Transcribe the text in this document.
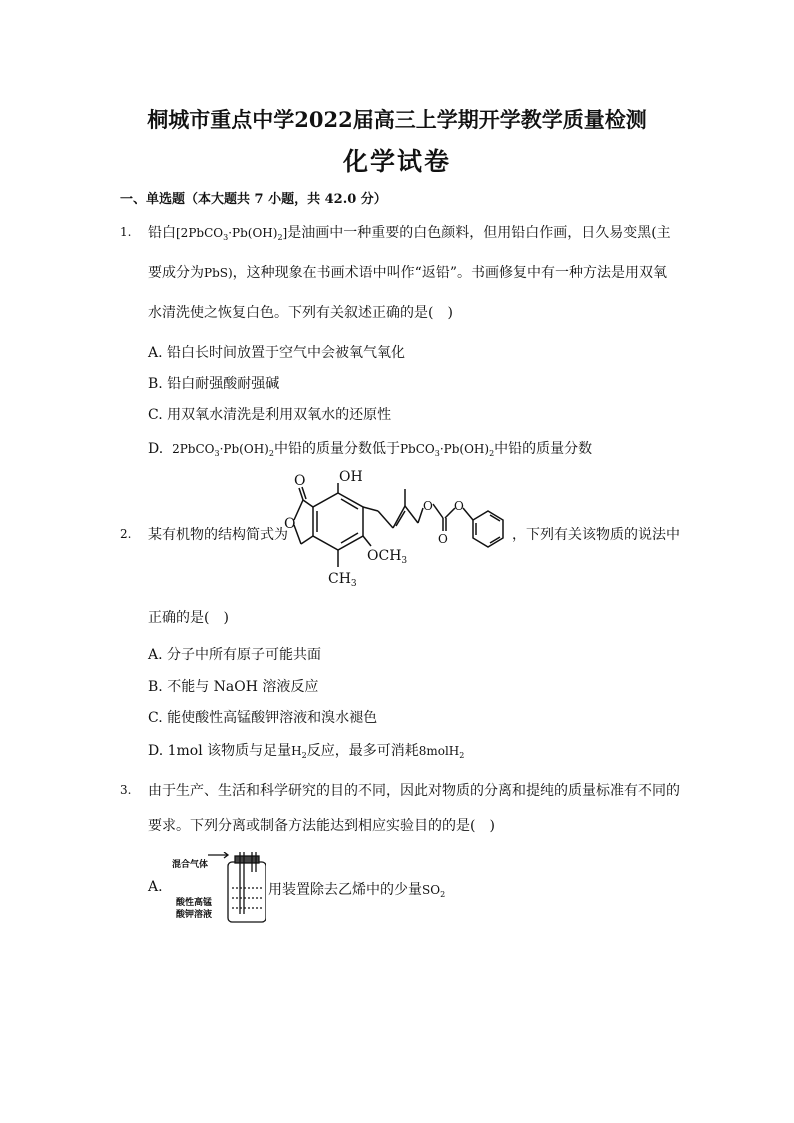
桐城市重点中学2022届高三上学期开学教学质量检测
化学试卷
一、单选题（本大题共 7 小题，共 42.0 分）
1. 铅白$[2PbCO_3\cdot Pb(OH)_2]$是油画中一种重要的白色颜料，但用铅白作画，日久易变黑(主
要成分为PbS)，这种现象在书画术语中叫作“返铅”。书画修复中有一种方法是用双氧
水清洗使之恢复白色。下列有关叙述正确的是(　)
A. 铅白长时间放置于空气中会被氧气氧化
B. 铅白耐强酸耐强碱
C. 用双氧水清洗是利用双氧水的还原性
D. $2PbCO_3\cdot Pb(OH)_2$中铅的质量分数低于$PbCO_3\cdot Pb(OH)_2$中铅的质量分数
2. 某有机物的结构简式为
OH
O
O
$OCH_3$
$CH_3$
O
O
O
，下列有关该物质的说法中
正确的是(　)
A. 分子中所有原子可能共面
B. 不能与 NaOH 溶液反应
C. 能使酸性高锰酸钾溶液和溴水褪色
D. 1mol 该物质与足量$H_2$反应，最多可消耗8molH$_2$
3. 由于生产、生活和科学研究的目的不同，因此对物质的分离和提纯的质量标准有不同的
要求。下列分离或制备方法能达到相应实验目的的是(　)
A.
混合气体
酸性高锰
酸钾溶液
用装置除去乙烯中的少量$SO_2$
